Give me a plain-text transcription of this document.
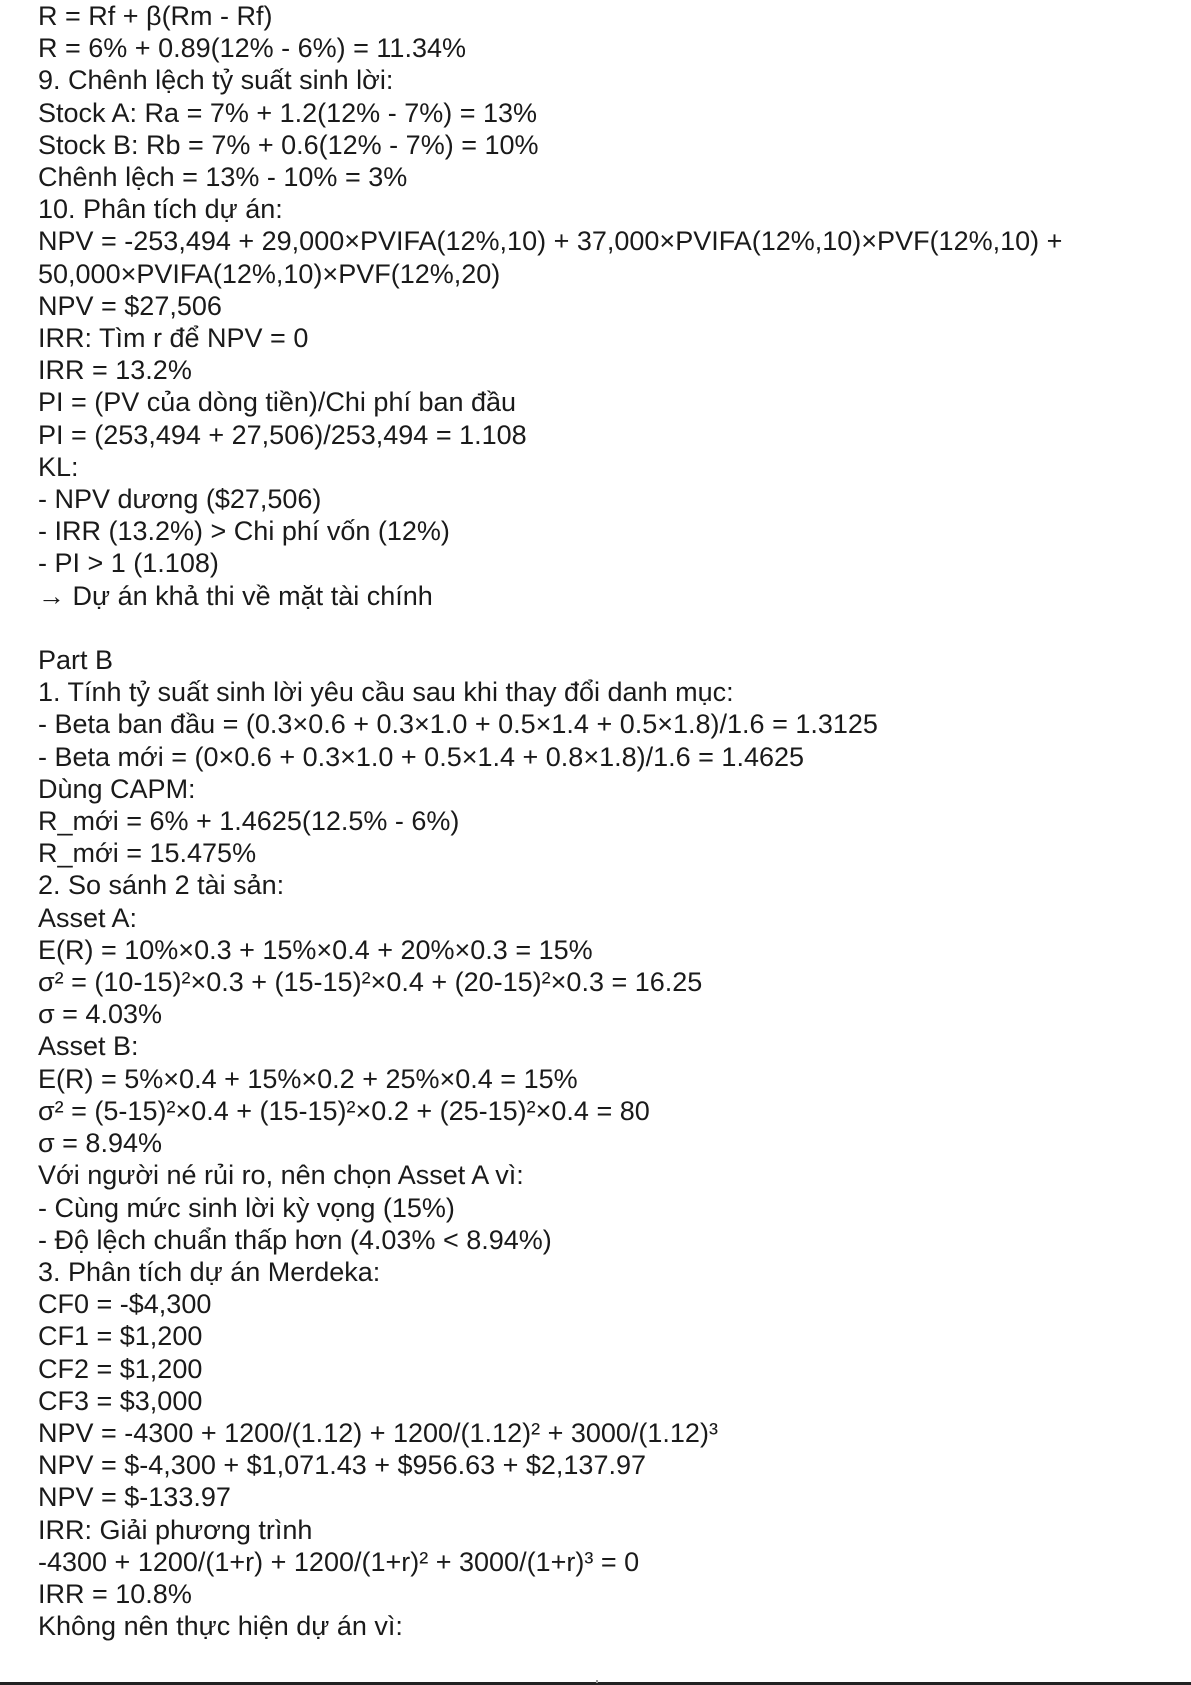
R = Rf + β(Rm - Rf)
R = 6% + 0.89(12% - 6%) = 11.34%
9. Chênh lệch tỷ suất sinh lời:
Stock A: Ra = 7% + 1.2(12% - 7%) = 13%
Stock B: Rb = 7% + 0.6(12% - 7%) = 10%
Chênh lệch = 13% - 10% = 3%
10. Phân tích dự án:
NPV = -253,494 + 29,000×PVIFA(12%,10) + 37,000×PVIFA(12%,10)×PVF(12%,10) +
50,000×PVIFA(12%,10)×PVF(12%,20)
NPV = $27,506
IRR: Tìm r để NPV = 0
IRR = 13.2%
PI = (PV của dòng tiền)/Chi phí ban đầu
PI = (253,494 + 27,506)/253,494 = 1.108
KL:
- NPV dương ($27,506)
- IRR (13.2%) > Chi phí vốn (12%)
- PI > 1 (1.108)
→ Dự án khả thi về mặt tài chính
Part B
1. Tính tỷ suất sinh lời yêu cầu sau khi thay đổi danh mục:
- Beta ban đầu = (0.3×0.6 + 0.3×1.0 + 0.5×1.4 + 0.5×1.8)/1.6 = 1.3125
- Beta mới = (0×0.6 + 0.3×1.0 + 0.5×1.4 + 0.8×1.8)/1.6 = 1.4625
Dùng CAPM:
R_mới = 6% + 1.4625(12.5% - 6%)
R_mới = 15.475%
2. So sánh 2 tài sản:
Asset A:
E(R) = 10%×0.3 + 15%×0.4 + 20%×0.3 = 15%
σ² = (10-15)²×0.3 + (15-15)²×0.4 + (20-15)²×0.3 = 16.25
σ = 4.03%
Asset B:
E(R) = 5%×0.4 + 15%×0.2 + 25%×0.4 = 15%
σ² = (5-15)²×0.4 + (15-15)²×0.2 + (25-15)²×0.4 = 80
σ = 8.94%
Với người né rủi ro, nên chọn Asset A vì:
- Cùng mức sinh lời kỳ vọng (15%)
- Độ lệch chuẩn thấp hơn (4.03% < 8.94%)
3. Phân tích dự án Merdeka:
CF0 = -$4,300
CF1 = $1,200
CF2 = $1,200
CF3 = $3,000
NPV = -4300 + 1200/(1.12) + 1200/(1.12)² + 3000/(1.12)³
NPV = $-4,300 + $1,071.43 + $956.63 + $2,137.97
NPV = $-133.97
IRR: Giải phương trình
-4300 + 1200/(1+r) + 1200/(1+r)² + 3000/(1+r)³ = 0
IRR = 10.8%
Không nên thực hiện dự án vì:
